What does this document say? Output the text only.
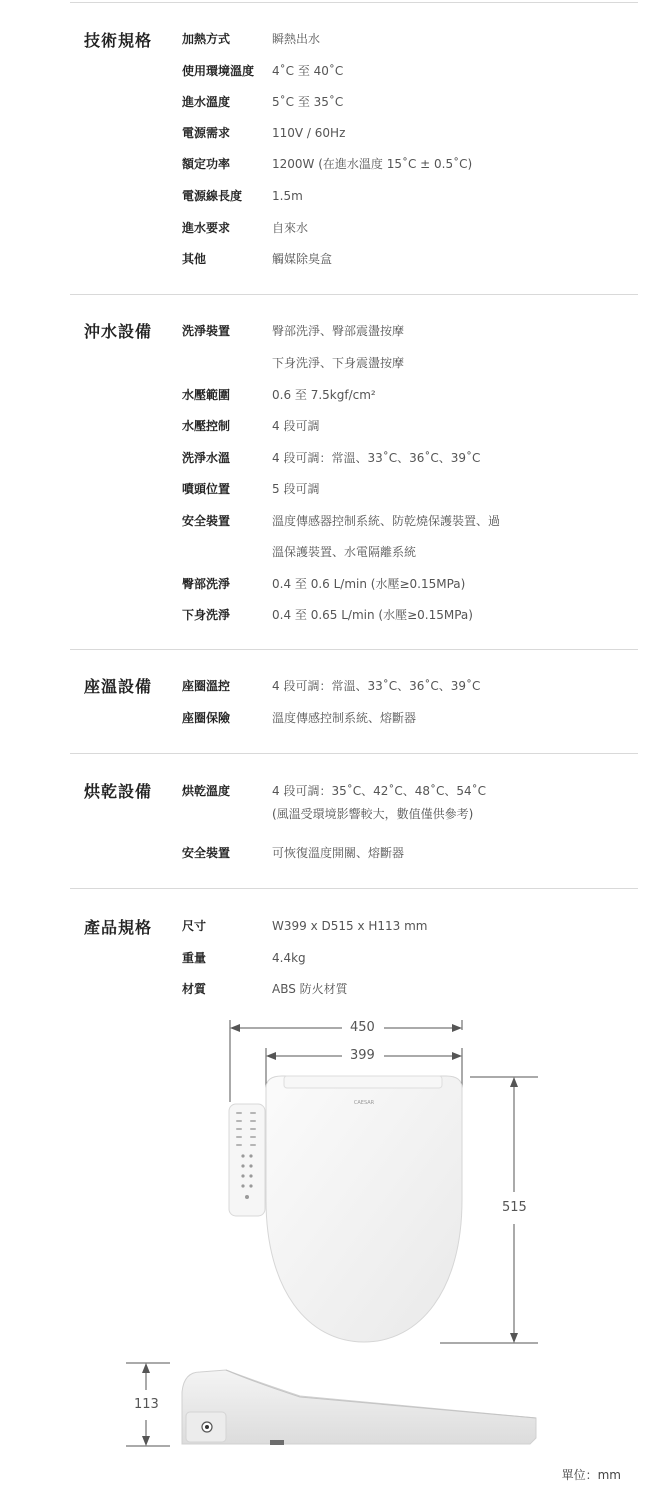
技術規格 加熱方式	瞬熱出水
使用環境溫度 4˚C 至 40˚C
進水溫度	5˚C 至 35˚C
電源需求	110V / 60Hz
額定功率	1200W (在進水溫度 15˚C ± 0.5˚C)
電源線長度 1.5m
進水要求	自來水
其他	觸媒除臭盒
沖水設備 洗淨裝置	臀部洗淨、臀部震盪按摩
下身洗淨、下身震盪按摩
水壓範圍	0.6 至 7.5kgf/cm²
水壓控制	4 段可調
洗淨水溫	4 段可調：常溫、33˚C、36˚C、39˚C
噴頭位置	5 段可調
安全裝置	溫度傳感器控制系統、防乾燒保護裝置、過
溫保護裝置、水電隔離系統
臀部洗淨	0.4 至 0.6 L/min (水壓≥0.15MPa)
下身洗淨	0.4 至 0.65 L/min (水壓≥0.15MPa)
座溫設備 座圈溫控	4 段可調：常溫、33˚C、36˚C、39˚C
座圈保險	溫度傳感控制系統、熔斷器
烘乾設備 烘乾溫度	4 段可調：35˚C、42˚C、48˚C、54˚C
(風溫受環境影響較大，數值僅供參考)
安全裝置	可恢復溫度開關、熔斷器
產品規格 尺寸	W399 x D515 x H113 mm
重量	4.4kg
材質	ABS 防火材質
CAESAR
450
399
515
113
單位：mm
